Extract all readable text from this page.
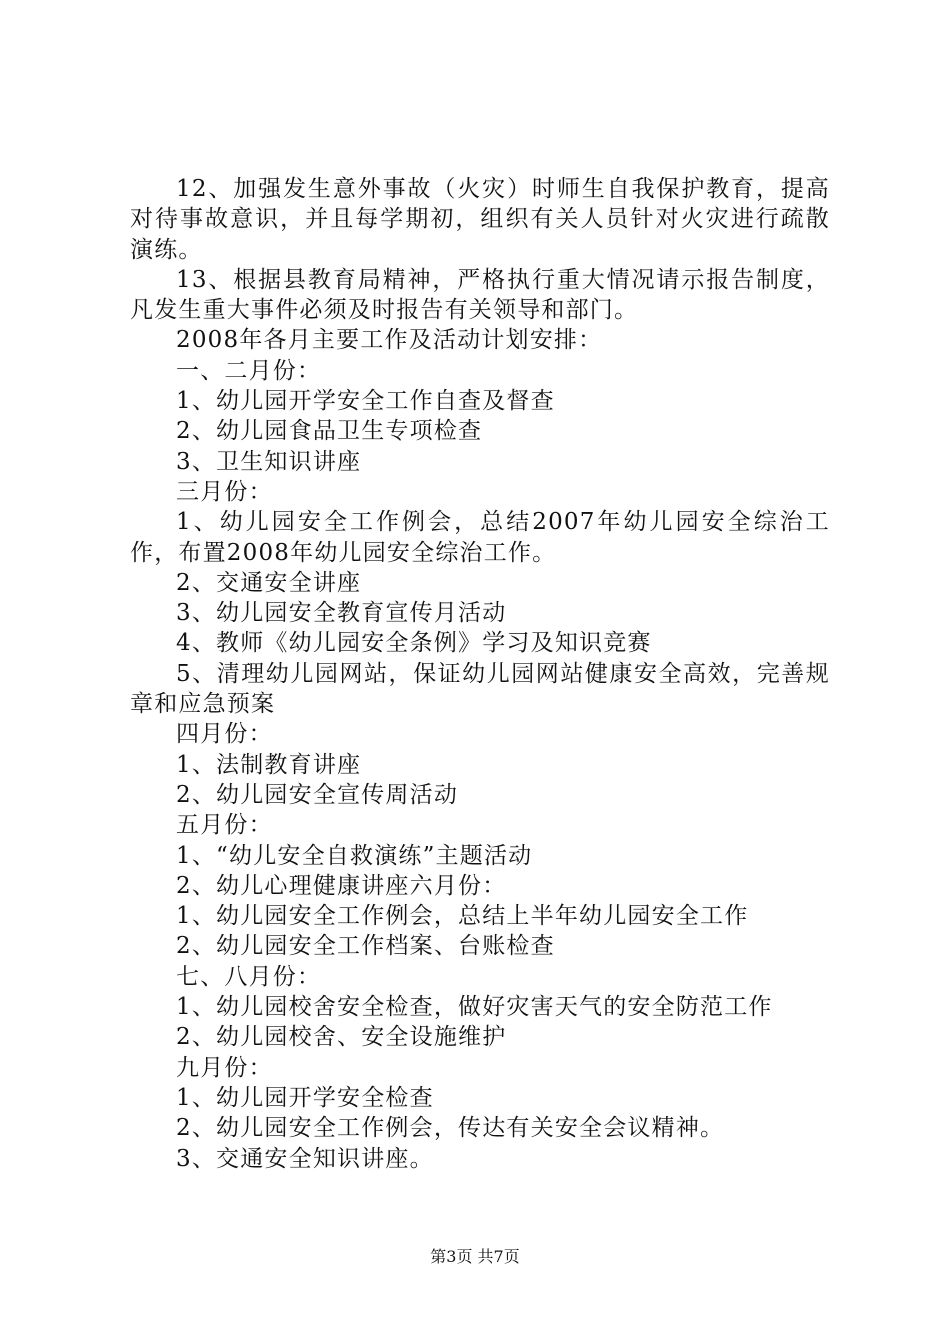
12、加强发生意外事故（火灾）时师生自我保护教育，提高对待事故意识，并且每学期初，组织有关人员针对火灾进行疏散演练。

13、根据县教育局精神，严格执行重大情况请示报告制度，凡发生重大事件必须及时报告有关领导和部门。

2008年各月主要工作及活动计划安排：

一、二月份：

1、幼儿园开学安全工作自查及督查

2、幼儿园食品卫生专项检查

3、卫生知识讲座

三月份：

1、幼儿园安全工作例会，总结2007年幼儿园安全综治工作，布置2008年幼儿园安全综治工作。

2、交通安全讲座

3、幼儿园安全教育宣传月活动

4、教师《幼儿园安全条例》学习及知识竞赛

5、清理幼儿园网站，保证幼儿园网站健康安全高效，完善规章和应急预案

四月份：

1、法制教育讲座

2、幼儿园安全宣传周活动

五月份：

1、“幼儿安全自救演练”主题活动

2、幼儿心理健康讲座六月份：

1、幼儿园安全工作例会，总结上半年幼儿园安全工作

2、幼儿园安全工作档案、台账检查

七、八月份：

1、幼儿园校舍安全检查，做好灾害天气的安全防范工作

2、幼儿园校舍、安全设施维护

九月份：

1、幼儿园开学安全检查

2、幼儿园安全工作例会，传达有关安全会议精神。

3、交通安全知识讲座。

第3页 共7页
